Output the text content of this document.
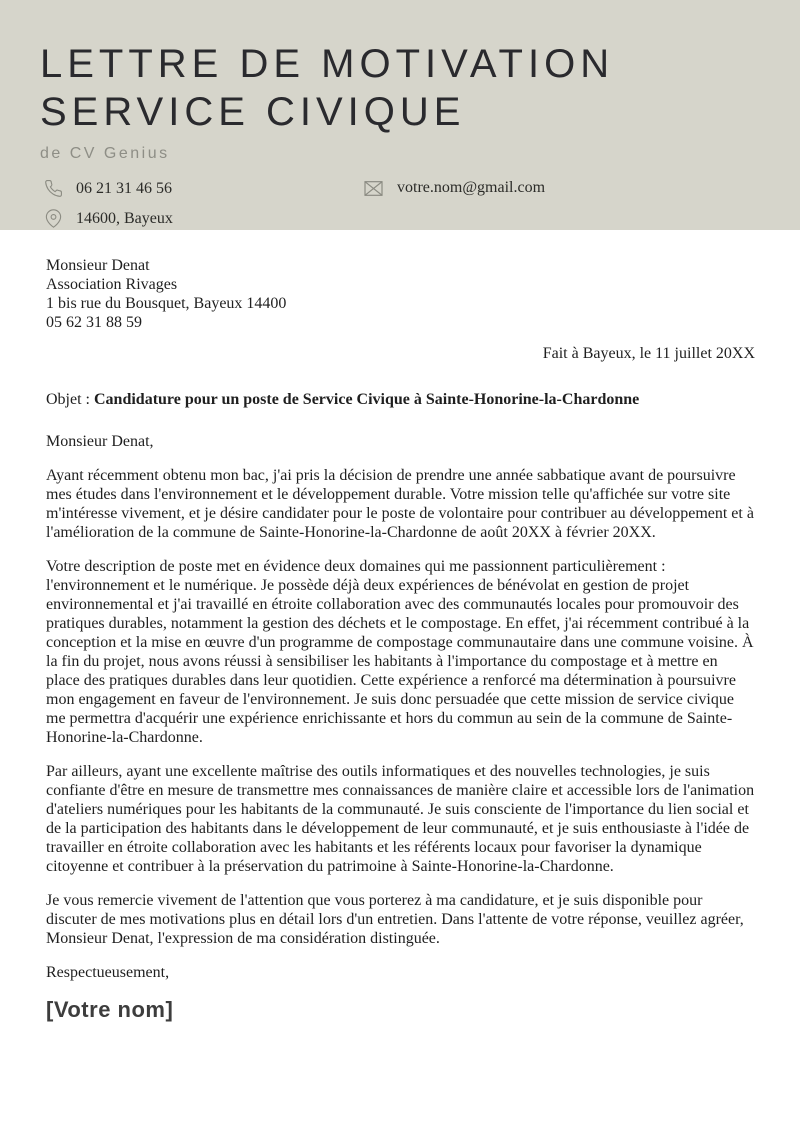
LETTRE DE MOTIVATION
SERVICE CIVIQUE
de CV Genius
06 21 31 46 56
14600, Bayeux
votre.nom@gmail.com
Monsieur Denat
Association Rivages
1 bis rue du Bousquet, Bayeux 14400
05 62 31 88 59
Fait à Bayeux, le 11 juillet 20XX
Objet : Candidature pour un poste de Service Civique à Sainte-Honorine-la-Chardonne
Monsieur Denat,

Ayant récemment obtenu mon bac, j'ai pris la décision de prendre une année sabbatique avant de poursuivre mes études dans l'environnement et le développement durable. Votre mission telle qu'affichée sur votre site m'intéresse vivement, et je désire candidater pour le poste de volontaire pour contribuer au développement et à l'amélioration de la commune de Sainte-Honorine-la-Chardonne de août 20XX à février 20XX.

Votre description de poste met en évidence deux domaines qui me passionnent particulièrement : l'environnement et le numérique. Je possède déjà deux expériences de bénévolat en gestion de projet environnemental et j'ai travaillé en étroite collaboration avec des communautés locales pour promouvoir des pratiques durables, notamment la gestion des déchets et le compostage. En effet, j'ai récemment contribué à la conception et la mise en œuvre d'un programme de compostage communautaire dans une commune voisine. À la fin du projet, nous avons réussi à sensibiliser les habitants à l'importance du compostage et à mettre en place des pratiques durables dans leur quotidien. Cette expérience a renforcé ma détermination à poursuivre mon engagement en faveur de l'environnement. Je suis donc persuadée que cette mission de service civique me permettra d'acquérir une expérience enrichissante et hors du commun au sein de la commune de Sainte-Honorine-la-Chardonne.

Par ailleurs, ayant une excellente maîtrise des outils informatiques et des nouvelles technologies, je suis confiante d'être en mesure de transmettre mes connaissances de manière claire et accessible lors de l'animation d'ateliers numériques pour les habitants de la communauté. Je suis consciente de l'importance du lien social et de la participation des habitants dans le développement de leur communauté, et je suis enthousiaste à l'idée de travailler en étroite collaboration avec les habitants et les référents locaux pour favoriser la dynamique citoyenne et contribuer à la préservation du patrimoine à Sainte-Honorine-la-Chardonne.

Je vous remercie vivement de l'attention que vous porterez à ma candidature, et je suis disponible pour discuter de mes motivations plus en détail lors d'un entretien. Dans l'attente de votre réponse, veuillez agréer, Monsieur Denat, l'expression de ma considération distinguée.

Respectueusement,
[Votre nom]
